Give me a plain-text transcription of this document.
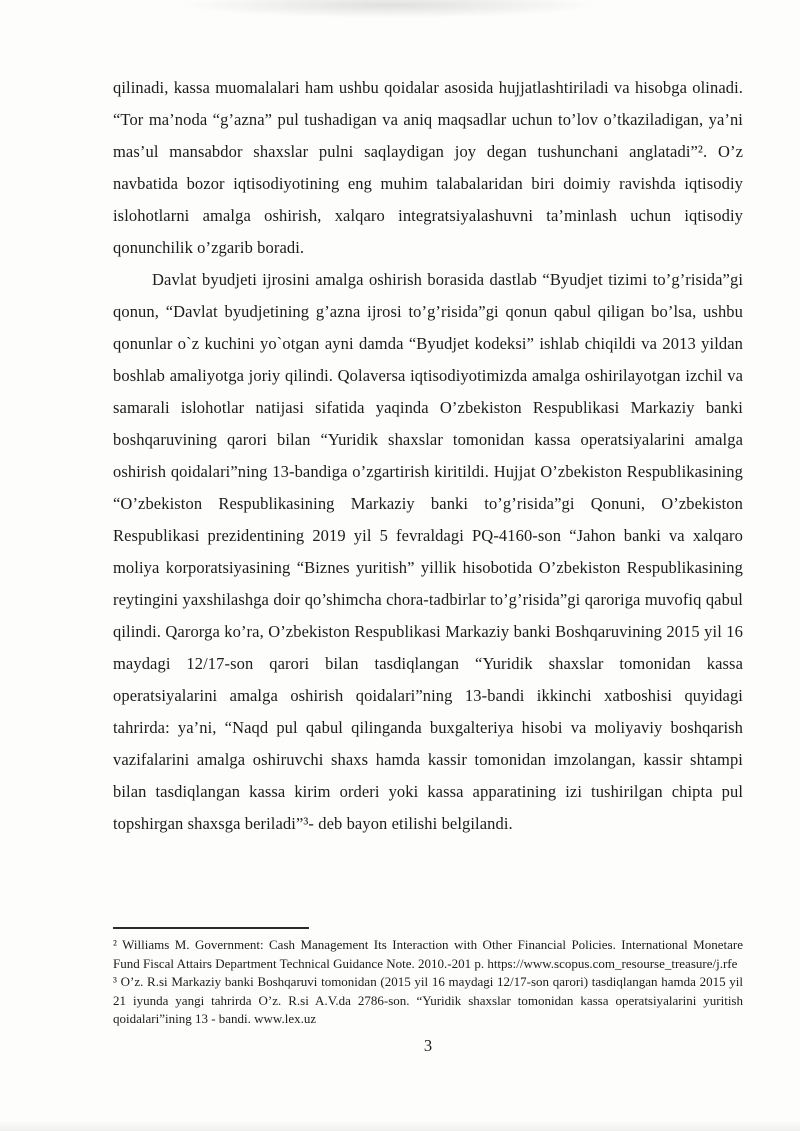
qilinadi, kassa muomalalari ham ushbu qoidalar asosida hujjatlashtiriladi va hisobga olinadi. “Tor ma’noda “g’azna” pul tushadigan va aniq maqsadlar uchun to’lov o’tkaziladigan, ya’ni mas’ul mansabdor shaxslar pulni saqlaydigan joy degan tushunchani anglatadi”². O’z navbatida bozor iqtisodiyotining eng muhim talabalaridan biri doimiy ravishda iqtisodiy islohotlarni amalga oshirish, xalqaro integratsiyalashuvni ta’minlash uchun iqtisodiy qonunchilik o’zgarib boradi.

Davlat byudjeti ijrosini amalga oshirish borasida dastlab “Byudjet tizimi to’g’risida”gi qonun, “Davlat byudjetining g’azna ijrosi to’g’risida”gi qonun qabul qiligan bo’lsa, ushbu qonunlar o`z kuchini yo`otgan ayni damda “Byudjet kodeksi” ishlab chiqildi va 2013 yildan boshlab amaliyotga joriy qilindi. Qolaversa iqtisodiyotimizda amalga oshirilayotgan izchil va samarali islohotlar natijasi sifatida yaqinda O’zbekiston Respublikasi Markaziy banki boshqaruvining qarori bilan “Yuridik shaxslar tomonidan kassa operatsiyalarini amalga oshirish qoidalari”ning 13-bandiga o’zgartirish kiritildi. Hujjat O’zbekiston Respublikasining “O’zbekiston Respublikasining Markaziy banki to’g’risida”gi Qonuni, O’zbekiston Respublikasi prezidentining 2019 yil 5 fevraldagi PQ-4160-son “Jahon banki va xalqaro moliya korporatsiyasining “Biznes yuritish” yillik hisobotida O’zbekiston Respublikasining reytingini yaxshilashga doir qo’shimcha chora-tadbirlar to’g’risida”gi qaroriga muvofiq qabul qilindi. Qarorga ko’ra, O’zbekiston Respublikasi Markaziy banki Boshqaruvining 2015 yil 16 maydagi 12/17-son qarori bilan tasdiqlangan “Yuridik shaxslar tomonidan kassa operatsiyalarini amalga oshirish qoidalari”ning 13-bandi ikkinchi xatboshisi quyidagi tahrirda: ya’ni, “Naqd pul qabul qilinganda buxgalteriya hisobi va moliyaviy boshqarish vazifalarini amalga oshiruvchi shaxs hamda kassir tomonidan imzolangan, kassir shtampi bilan tasdiqlangan kassa kirim orderi yoki kassa apparatining izi tushirilgan chipta pul topshirgan shaxsga beriladi”³- deb bayon etilishi belgilandi.

² Williams M. Government: Cash Management Its Interaction with Other Financial Policies. International Monetare Fund Fiscal Attairs Department Technical Guidance Note. 2010.-201 p. https://www.scopus.com_resourse_treasure/j.rfe

³ O’z. R.si Markaziy banki Boshqaruvi tomonidan (2015 yil 16 maydagi 12/17-son qarori) tasdiqlangan hamda 2015 yil 21 iyunda yangi tahrirda O’z. R.si A.V.da 2786-son. “Yuridik shaxslar tomonidan kassa operatsiyalarini yuritish qoidalari”ining 13 - bandi. www.lex.uz

3
